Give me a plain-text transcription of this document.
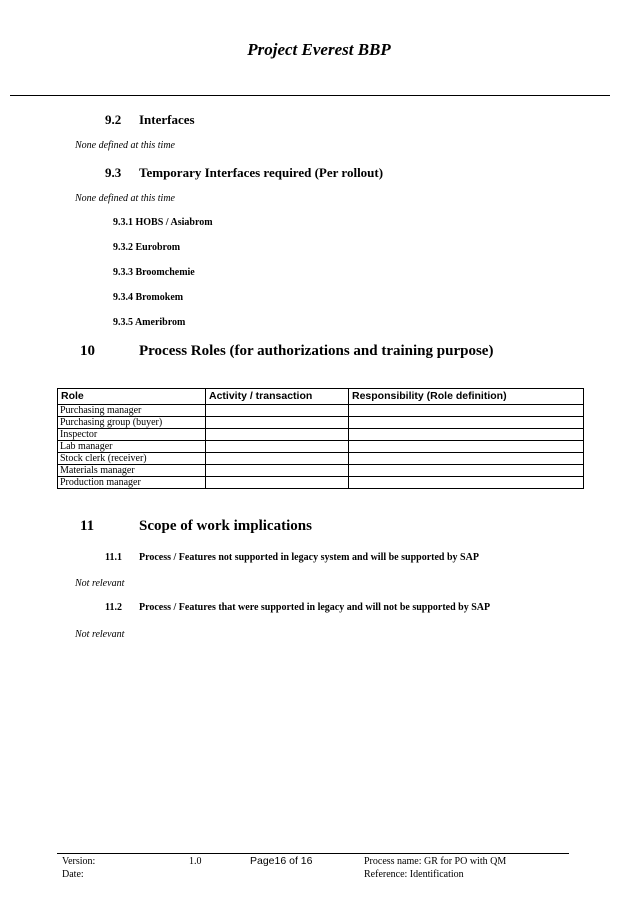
Project Everest BBP
9.2 Interfaces
None defined at this time
9.3 Temporary Interfaces required (Per rollout)
None defined at this time
9.3.1 HOBS / Asiabrom
9.3.2 Eurobrom
9.3.3 Broomchemie
9.3.4 Bromokem
9.3.5 Ameribrom
10	Process Roles (for authorizations and training purpose)
Role	Activity / transaction	Responsibility (Role definition)
Purchasing manager		
Purchasing group (buyer)		
Inspector		
Lab manager		
Stock clerk (receiver)		
Materials manager		
Production manager		
11	Scope of work implications
11.1 Process / Features not supported in legacy system and will be supported by SAP
Not relevant
11.2 Process / Features that were supported in legacy and will not be supported by SAP
Not relevant
Version:
Date:
1.0	Page16 of 16	Process name: GR for PO with QM
Reference: Identification
